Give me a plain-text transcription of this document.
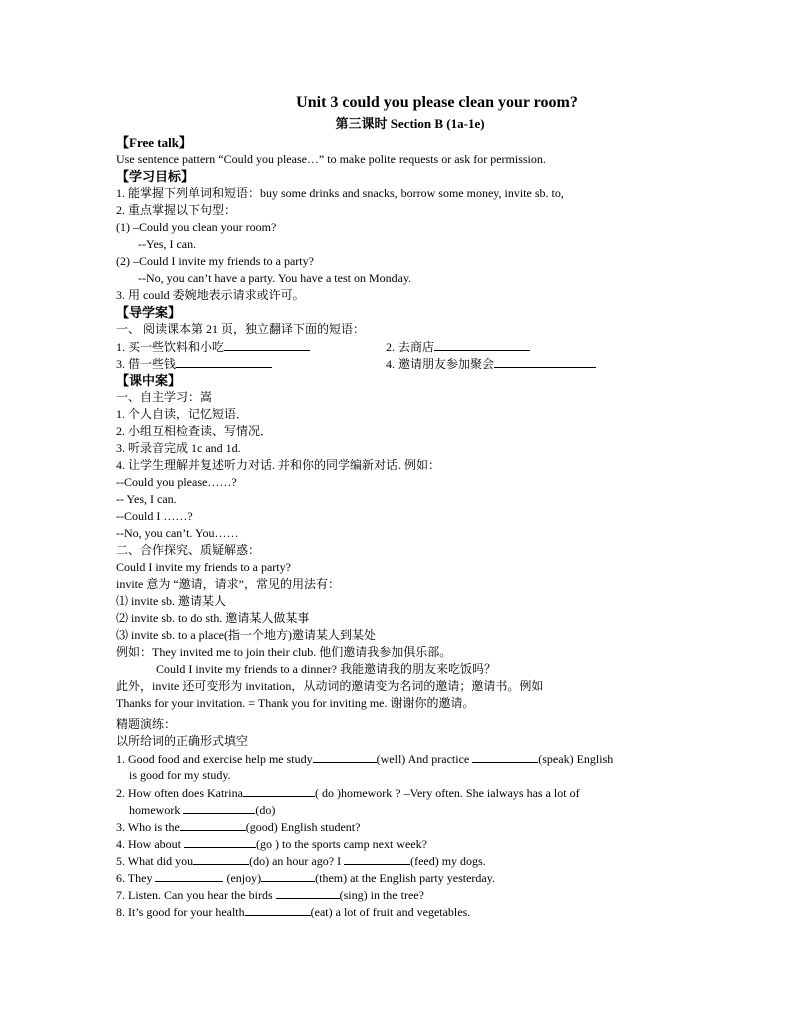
Unit 3 could you please clean your room?
第三课时 Section B (1a-1e)
【Free talk】
Use sentence pattern “Could you please…” to make polite requests or ask for permission.
【学习目标】
1. 能掌握下列单词和短语：buy some drinks and snacks, borrow some money, invite sb. to,
2. 重点掌握以下句型：
(1) –Could you clean your room?
--Yes, I can.
(2) –Could I invite my friends to a party?
--No, you can’t have a party. You have a test on Monday.
3. 用 could 委婉地表示请求或许可。
【导学案】
一、 阅读课本第 21 页，独立翻译下面的短语：
1. 买一些饮料和小吃	2. 去商店
3. 借一些钱	4. 邀请朋友参加聚会
【课中案】
一、自主学习：嵩
1. 个人自读，记忆短语．
2. 小组互相检查读、写情况．
3. 听录音完成 1c and 1d.
4. 让学生理解并复述听力对话. 并和你的同学编新对话. 例如：
--Could you please……?
-- Yes, I can.
--Could I ……?
--No, you can’t. You……
二、合作探究、质疑解惑：
Could I invite my friends to a party?
invite 意为 “邀请，请求”，常见的用法有：
⑴ invite sb. 邀请某人
⑵ invite sb. to do sth. 邀请某人做某事
⑶ invite sb. to a place(指一个地方)邀请某人到某处
例如：They invited me to join their club. 他们邀请我参加俱乐部。
Could I invite my friends to a dinner? 我能邀请我的朋友来吃饭吗？
此外，invite 还可变形为 invitation，从动词的邀请变为名词的邀请；邀请书。例如
Thanks for your invitation. = Thank you for inviting me. 谢谢你的邀请。
精题演练：
以所给词的正确形式填空
1. Good food and exercise help me study	(well) And practice	(speak) English
is good for my study.
2. How often does Katrina	( do )homework ? –Very often. She ialways has a lot of
homework	(do)
3. Who is the	(good) English student?
4. How about	(go ) to the sports camp next week?
5. What did you	(do) an hour ago? I	(feed) my dogs.
6. They	(enjoy)	(them) at the English party yesterday.
7. Listen. Can you hear the birds	(sing) in the tree?
8. It’s good for your health	(eat) a lot of fruit and vegetables.
